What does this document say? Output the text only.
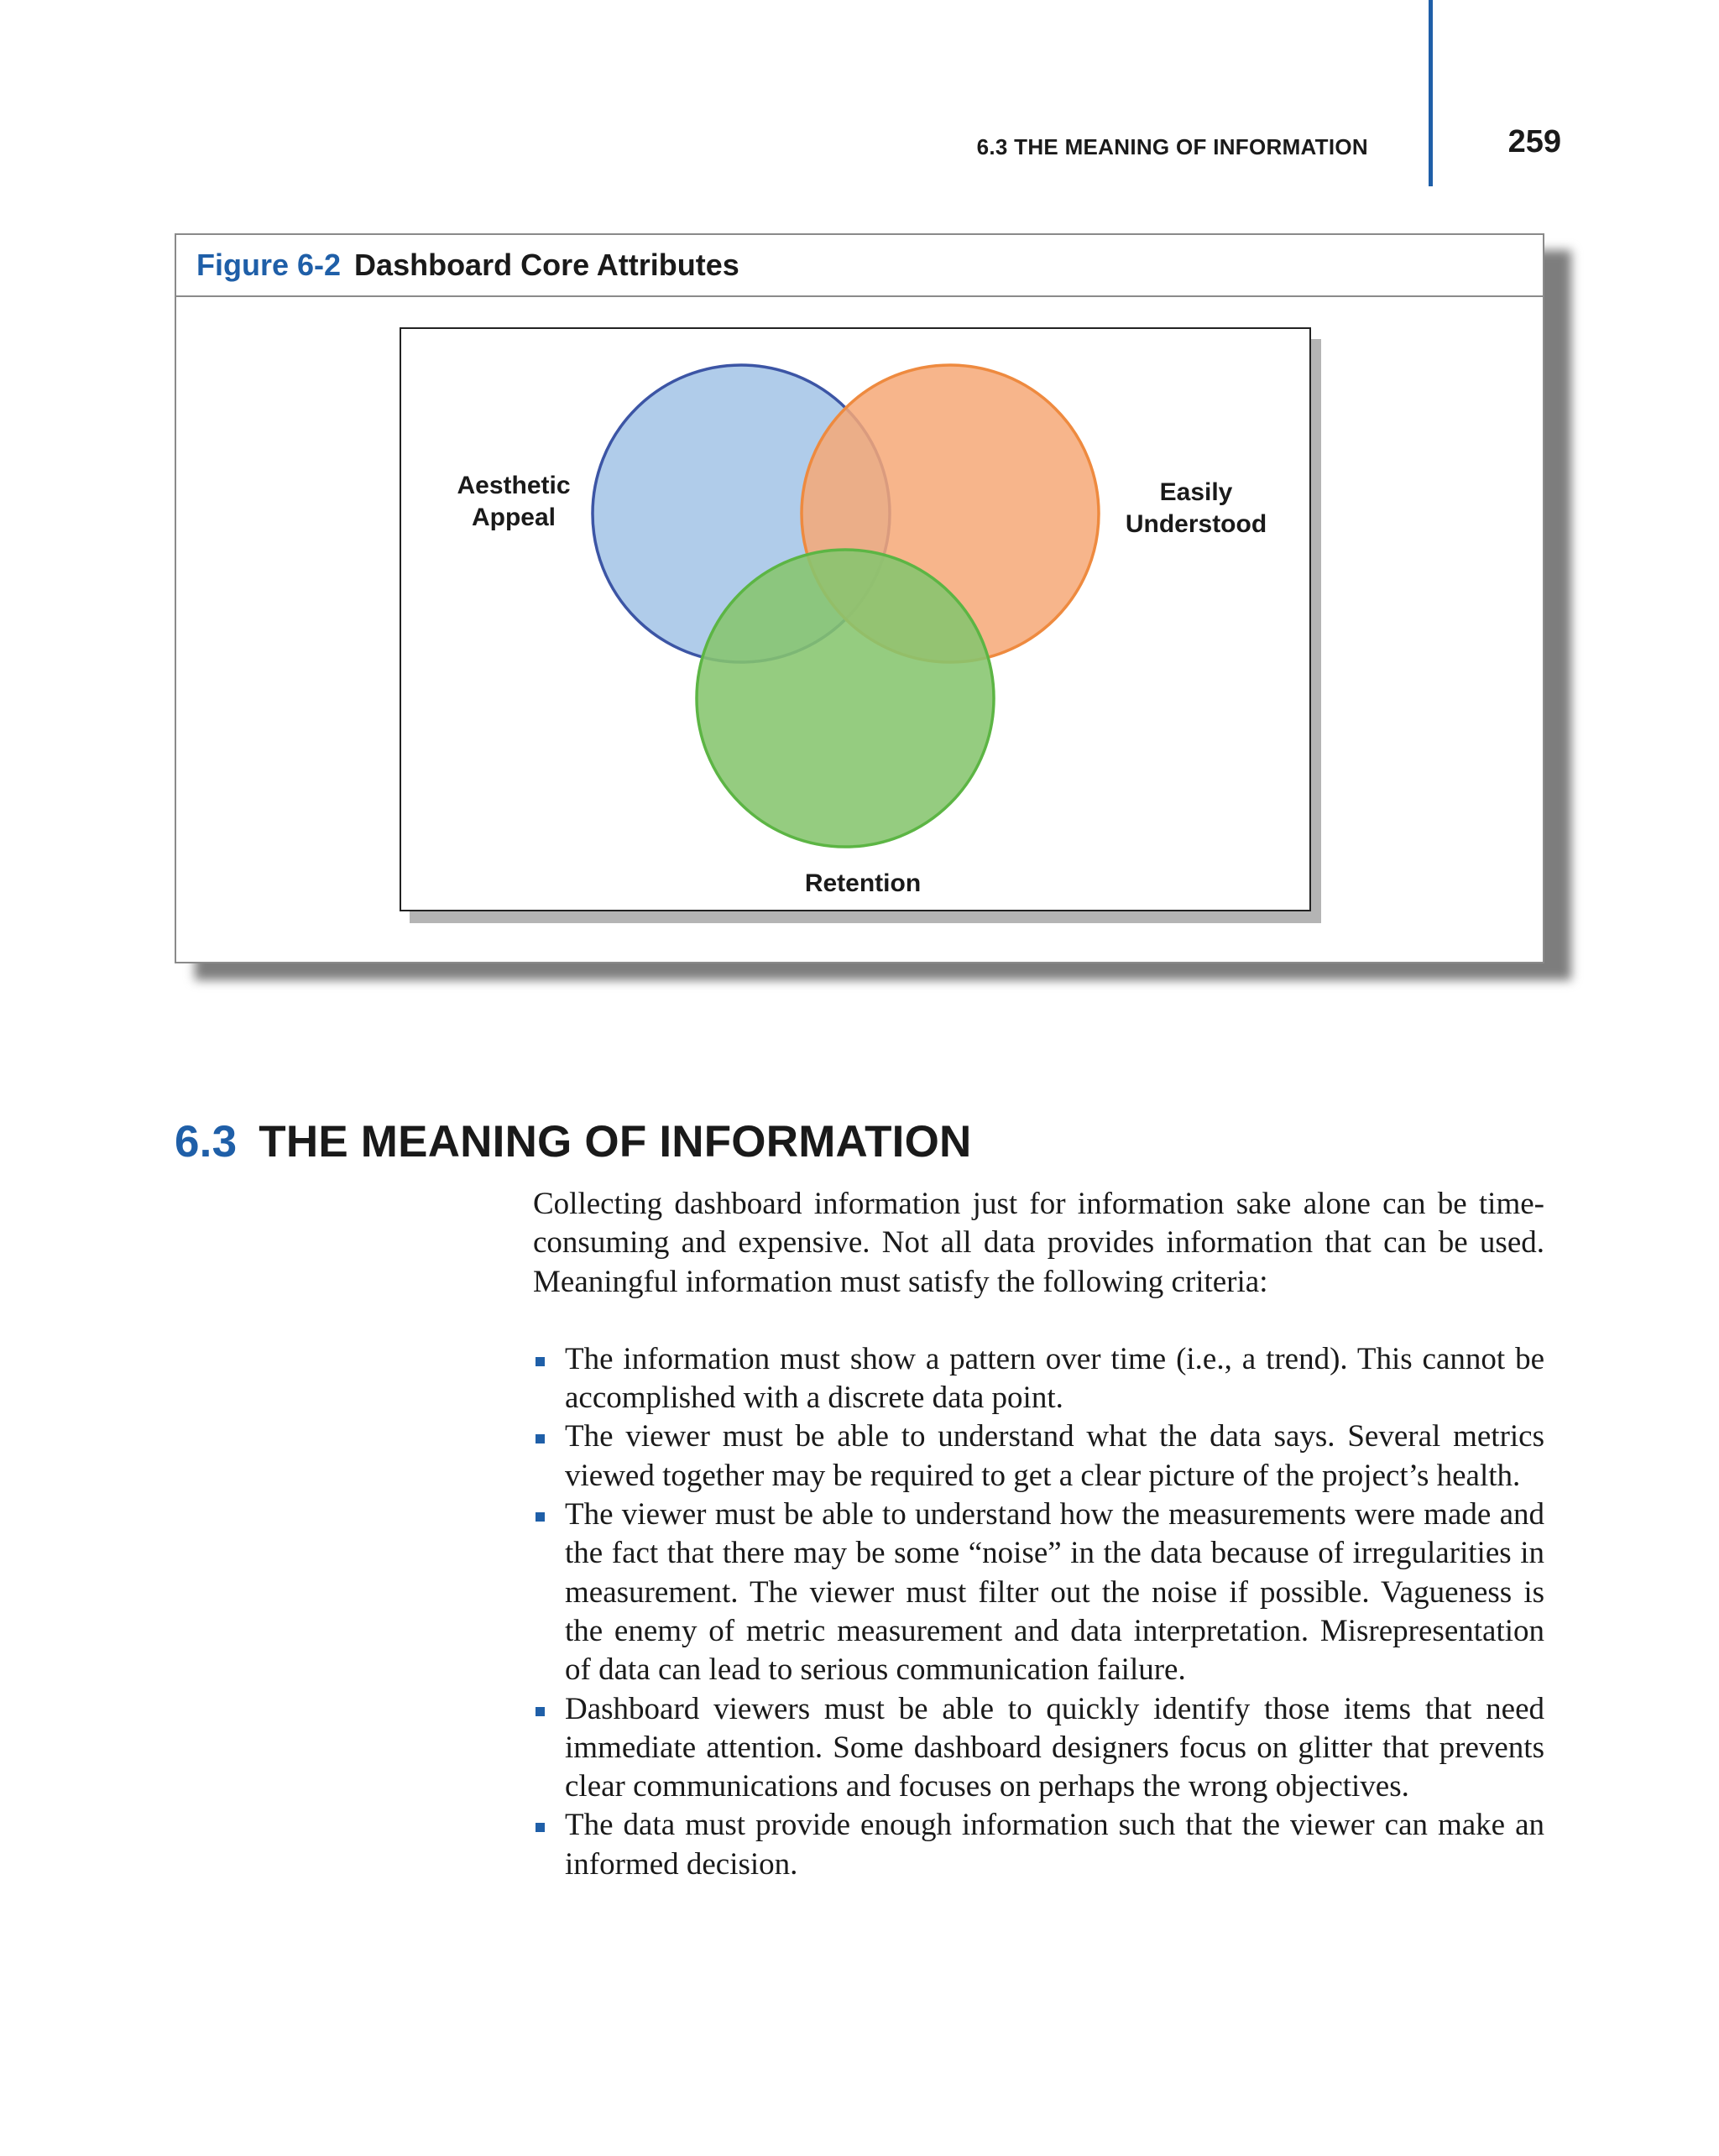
6.3 THE MEANING OF INFORMATION	259
Figure 6-2 Dashboard Core Attributes
Aesthetic
Appeal
Easily
Understood
Retention
6.3 THE MEANING OF INFORMATION

Collecting dashboard information just for information sake alone can be time-consuming and expensive. Not all data provides information that can be used. Meaningful information must satisfy the following criteria:

The information must show a pattern over time (i.e., a trend). This cannot be accomplished with a discrete data point.
The viewer must be able to understand what the data says. Several metrics viewed together may be required to get a clear picture of the project’s health.
The viewer must be able to understand how the measurements were made and the fact that there may be some “noise” in the data because of irregularities in measurement. The viewer must filter out the noise if possible. Vagueness is the enemy of metric measurement and data interpretation. Misrepresentation of data can lead to serious communication failure.
Dashboard viewers must be able to quickly identify those items that need immediate attention. Some dashboard designers focus on glitter that prevents clear communications and focuses on perhaps the wrong objectives.
The data must provide enough information such that the viewer can make an informed decision.
